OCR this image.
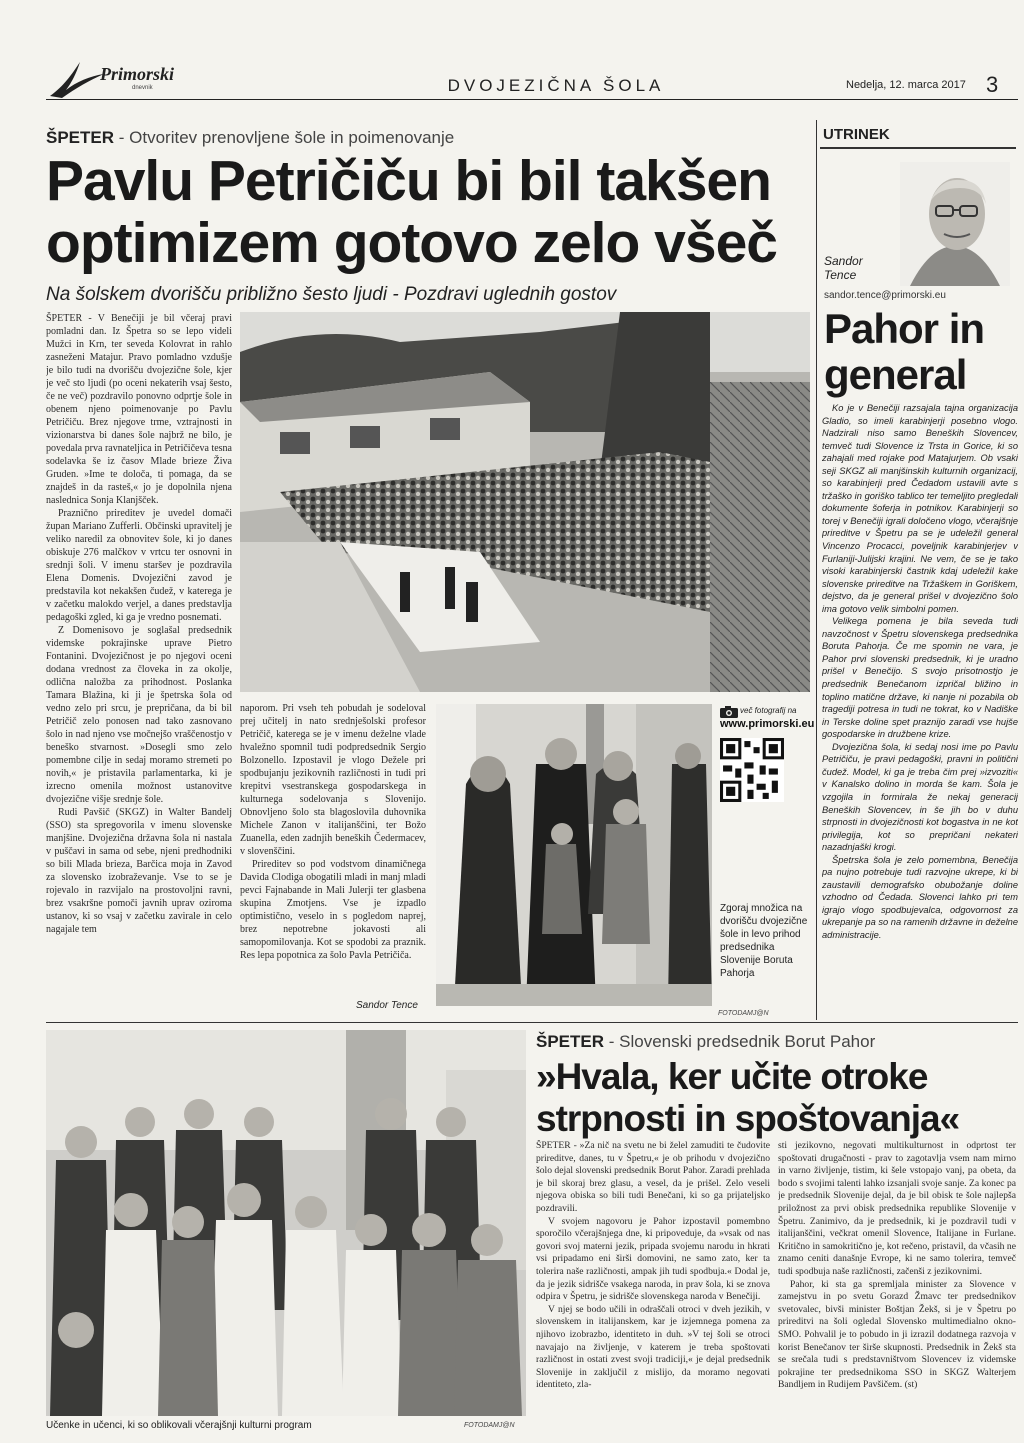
Primorski
dnevnik	DVOJEZIČNA ŠOLA	Nedelja, 12. marca 2017 3
ŠPETER - Otvoritev prenovljene šole in poimenovanje
Pavlu Petričiču bi bil takšen
optimizem gotovo zelo všeč
Na šolskem dvorišču približno šesto ljudi - Pozdravi uglednih gostov

ŠPETER - V Benečiji je bil včeraj pravi pomladni dan. Iz Špetra so se lepo videli Mužci in Krn, ter seveda Kolovrat in rahlo zasneženi Matajur. Pravo pomladno vzdušje je bilo tudi na dvorišču dvojezične šole, kjer je več sto ljudi (po oceni nekaterih vsaj šesto, če ne več) pozdravilo ponovno odprtje šole in obenem njeno poimenovanje po Pavlu Petričiču. Brez njegove trme, vztrajnosti in vizionarstva bi danes šole najbrž ne bilo, je povedala prva ravnateljica in Petričičeva tesna sodelavka še iz časov Mlade brieze Živa Gruden. »Ime te določa, ti pomaga, da se znajdeš in da rasteš,« jo je dopolnila njena naslednica Sonja Klanjšček.

Praznično prireditev je uvedel domači župan Mariano Zufferli. Občinski upravitelj je veliko naredil za obnovitev šole, ki jo danes obiskuje 276 malčkov v vrtcu ter osnovni in srednji šoli. V imenu staršev je pozdravila Elena Domenis. Dvojezični zavod je predstavila kot nekakšen čudež, v katerega je v začetku malokdo verjel, a danes predstavlja pedagoški zgled, ki ga je vredno posnemati.

Z Domenisovo je soglašal predsednik videmske pokrajinske uprave Pietro Fontanini. Dvojezičnost je po njegovi oceni dodana vrednost za človeka in za okolje, odlična naložba za prihodnost. Poslanka Tamara Blažina, ki ji je špetrska šola od vedno zelo pri srcu, je prepričana, da bi bil Petričič zelo ponosen nad tako zasnovano šolo in nad njeno vse močnejšo vraščenostjo v beneško stvarnost. »Dosegli smo zelo pomembne cilje in sedaj moramo stremeti po novih,« je pristavila parlamentarka, ki je izrecno omenila možnost ustanovitve dvojezične višje srednje šole.

Rudi Pavšič (SKGZ) in Walter Bandelj (SSO) sta spregovorila v imenu slovenske manjšine. Dvojezična državna šola ni nastala v puščavi in sama od sebe, njeni predhodniki so bili Mlada brieza, Barčica moja in Zavod za slovensko izobraževanje. Vse to se je rojevalo in razvijalo na prostovoljni ravni, brez vsakršne pomoči javnih uprav oziroma ustanov, ki so vsaj v začetku zavirale in celo nagajale tem

naporom. Pri vseh teh pobudah je sodeloval prej učitelj in nato srednješolski profesor Petričič, katerega se je v imenu deželne vlade hvaležno spomnil tudi podpredsednik Sergio Bolzonello. Izpostavil je vlogo Dežele pri spodbujanju jezikovnih različnosti in tudi pri krepitvi vsestranskega gospodarskega in kulturnega sodelovanja s Slovenijo. Obnovljeno šolo sta blagoslovila duhovnika Michele Zanon v italijanščini, ter Božo Zuanella, eden zadnjih beneških Čedermacev, v slovenščini.

Prireditev so pod vodstvom dinamičnega Davida Clodiga obogatili mladi in manj mladi pevci Fajnabande in Mali Julerji ter glasbena skupina Zmotjens. Vse je izpadlo optimistično, veselo in s pogledom naprej, brez nepotrebne jokavosti ali samopomilovanja. Kot se spodobi za praznik. Res lepa popotnica za šolo Pavla Petričiča.

Sandor Tence
več fotografij na
www.primorski.eu
Zgoraj množica na dvorišču dvojezične šole in levo prihod predsednika Slovenije Boruta Pahorja
FOTODAMJ@N
UTRINEK
Sandor
Tence
sandor.tence@primorski.eu
Pahor in
general

Ko je v Benečiji razsajala tajna organizacija Gladio, so imeli karabinjerji posebno vlogo. Nadzirali niso samo Beneških Slovencev, temveč tudi Slovence iz Trsta in Gorice, ki so zahajali med rojake pod Matajurjem. Ob vsaki seji SKGZ ali manjšinskih kulturnih organizacij, so karabinjerji pred Čedadom ustavili avte s tržaško in goriško tablico ter temeljito pregledali dokumente šoferja in potnikov. Karabinjerji so torej v Benečiji igrali določeno vlogo, včerajšnje prireditve v Špetru pa se je udeležil general Vincenzo Procacci, poveljnik karabinjerjev v Furlaniji-Julijski krajini. Ne vem, če se je tako visoki karabinjerski častnik kdaj udeležil kake slovenske prireditve na Tržaškem in Goriškem, dejstvo, da je general prišel v dvojezično šolo ima gotovo velik simbolni pomen.

Velikega pomena je bila seveda tudi navzočnost v Špetru slovenskega predsednika Boruta Pahorja. Če me spomin ne vara, je Pahor prvi slovenski predsednik, ki je uradno prišel v Benečijo. S svojo prisotnostjo je predsednik Benečanom izpričal bližino in toplino matične države, ki nanje ni pozabila ob tragediji potresa in tudi ne tokrat, ko v Nadiške in Terske doline spet praznijo zaradi vse hujše gospodarske in družbene krize.

Dvojezična šola, ki sedaj nosi ime po Pavlu Petričiču, je pravi pedagoški, pravni in politični čudež. Model, ki ga je treba čim prej »izvoziti« v Kanalsko dolino in morda še kam. Šola je vzgojila in formirala že nekaj generacij Beneških Slovencev, in še jih bo v duhu strpnosti in dvojezičnosti kot bogastva in ne kot privilegija, kot so prepričani nekateri nazadnjaški krogi.

Špetrska šola je zelo pomembna, Benečija pa nujno potrebuje tudi razvojne ukrepe, ki bi zaustavili demografsko obubožanje doline vzhodno od Čedada. Slovenci lahko pri tem igrajo vlogo spodbujevalca, odgovornost za ukrepanje pa so na ramenih državne in deželne administracije.

Učenke in učenci, ki so oblikovali včerajšnji kulturni program	FOTODAMJ@N
ŠPETER - Slovenski predsednik Borut Pahor
»Hvala, ker učite otroke
strpnosti in spoštovanja«

ŠPETER - »Za nič na svetu ne bi želel zamuditi te čudovite prireditve, danes, tu v Špetru,« je ob prihodu v dvojezično šolo dejal slovenski predsednik Borut Pahor. Zaradi prehlada je bil skoraj brez glasu, a vesel, da je prišel. Zelo veseli njegova obiska so bili tudi Benečani, ki so ga prijateljsko pozdravili.

V svojem nagovoru je Pahor izpostavil pomembno sporočilo včerajšnjega dne, ki pripoveduje, da »vsak od nas govori svoj materni jezik, pripada svojemu narodu in hkrati vsi pripadamo eni širši domovini, ne samo zato, ker ta tolerira naše različnosti, ampak jih tudi spodbuja.« Dodal je, da je jezik sidrišče vsakega naroda, in prav šola, ki se znova odpira v Špetru, je sidrišče slovenskega naroda v Benečiji.

V njej se bodo učili in odraščali otroci v dveh jezikih, v slovenskem in italijanskem, kar je izjemnega pomena za njihovo izobrazbo, identiteto in duh. »V tej šoli se otroci navajajo na življenje, v katerem je treba spoštovati različnost in ostati zvest svoji tradiciji,« je dejal predsednik Slovenije in zaključil z mislijo, da moramo negovati identiteto, zla-

sti jezikovno, negovati multikulturnost in odprtost ter spoštovati drugačnosti - prav to zagotavlja vsem nam mirno in varno življenje, tistim, ki šele vstopajo vanj, pa obeta, da bodo s svojimi talenti lahko izsanjali svoje sanje. Za konec pa je predsednik Slovenije dejal, da je bil obisk te šole najlepša priložnost za prvi obisk predsednika republike Slovenije v Špetru. Zanimivo, da je predsednik, ki je pozdravil tudi v italijanščini, večkrat omenil Slovence, Italijane in Furlane. Kritično in samokritično je, kot rečeno, pristavil, da včasih ne znamo ceniti današnje Evrope, ki ne samo tolerira, temveč tudi spodbuja naše različnosti, začenši z jezikovnimi.

Pahor, ki sta ga spremljala minister za Slovence v zamejstvu in po svetu Gorazd Žmavc ter predsednikov svetovalec, bivši minister Boštjan Žekš, si je v Špetru po prireditvi na šoli ogledal Slovensko multimedialno okno-SMO. Pohvalil je to pobudo in ji izrazil dodatnega razvoja v korist Benečanov ter širše skupnosti. Predsednik in Žekš sta se srečala tudi s predstavništvom Slovencev iz videmske pokrajine ter predsednikoma SSO in SKGZ Walterjem Bandljem in Rudijem Pavšičem. (st)
